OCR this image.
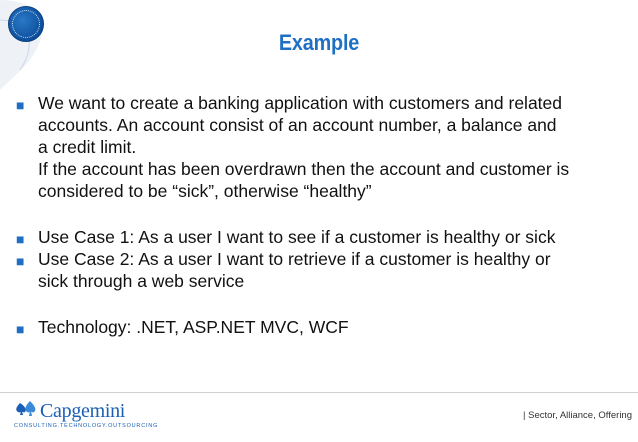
Example
■ We want to create a banking application with customers and related
accounts. An account consist of an account number, a balance and
a credit limit.
If the account has been overdrawn then the account and customer is
considered to be “sick”, otherwise “healthy”
■ Use Case 1: As a user I want to see if a customer is healthy or sick
■ Use Case 2: As a user I want to retrieve if a customer is healthy or
sick through a web service
■ Technology: .NET, ASP.NET MVC, WCF
Capgemini
CONSULTING.TECHNOLOGY.OUTSOURCING
| Sector, Alliance, Offering
